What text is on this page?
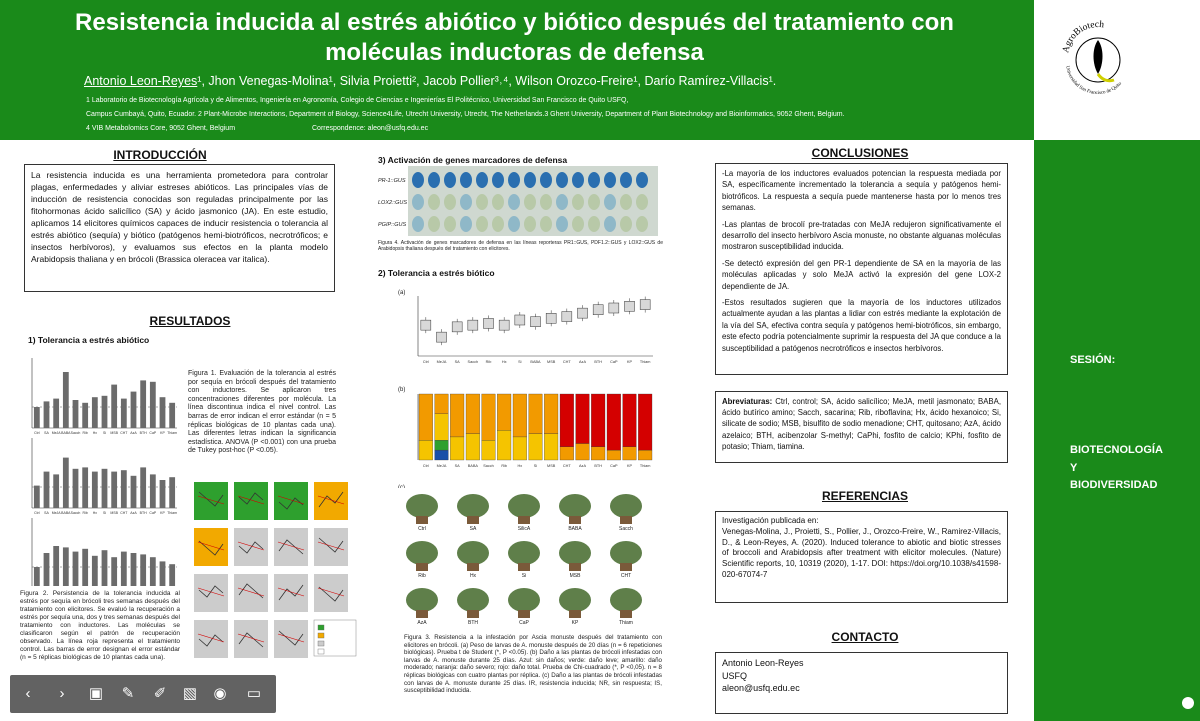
Resistencia inducida al estrés abiótico y biótico después del tratamiento con
moléculas inductoras de defensa
Antonio Leon-Reyes¹, Jhon Venegas-Molina¹, Silvia Proietti², Jacob Pollier³˒⁴, Wilson Orozco-Freire¹, Darío Ramírez-Villacis¹.
1 Laboratorio de Biotecnología Agrícola y de Alimentos, Ingeniería en Agronomía, Colegio de Ciencias e Ingenierías El Politécnico, Universidad San Francisco de Quito USFQ,
Campus Cumbayá, Quito, Ecuador. 2 Plant-Microbe Interactions, Department of Biology, Science4Life, Utrecht University, Utrecht, The Netherlands.3 Ghent University, Department of Plant Biotechnology and Bioinformatics, 9052 Ghent, Belgium.
4 VIB Metabolomics Core, 9052 Ghent, Belgium	Correspondence: aleon@usfq.edu.ec
AgroBiotech
Universidad San Francisco de Quito
SESIÓN:
BIOTECNOLOGÍA
Y
BIODIVERSIDAD
INTRODUCCIÓN
La resistencia inducida es una herramienta prometedora para controlar plagas, enfermedades y aliviar estreses abióticos. Las principales vías de inducción de resistencia conocidas son reguladas principalmente por las fitohormonas ácido salicílico (SA) y ácido jasmonico (JA). En este estudio, aplicamos 14 elicitores químicos capaces de inducir resistencia o tolerancia al estrés abiótico (sequía) y biótico (patógenos hemi-biotróficos, necrotróficos; e insectos herbívoros), y evaluamos sus efectos en la planta modelo Arabidopsis thaliana y en brócoli (Brassica oleracea var italica).
RESULTADOS
1) Tolerancia a estrés abiótico
Ctrl SA MeJA BABA Sacch Rib Hx Si MSB CHT AzA BTH CaP KP Thiam
Ctrl SA MeJA BABA Sacch Rib Hx Si MSB CHT AzA BTH CaP KP Thiam
Figura 1. Evaluación de la tolerancia al estrés por sequía en brócoli después del tratamiento con inductores. Se aplicaron tres concentraciones diferentes por molécula. La línea discontinua indica el nivel control. Las barras de error indican el error estándar (n = 5 réplicas biológicas de 10 plantas cada una). Las diferentes letras indican la significancia estadística. ANOVA (P <0.001) con una prueba de Tukey post-hoc (P <0.05).
Figura 2. Persistencia de la tolerancia inducida al estrés por sequía en brócoli tres semanas después del tratamiento con elicitores. Se evaluó la recuperación a estrés por sequía una, dos y tres semanas después del tratamiento con inductores. Las moléculas se clasificaron según el patrón de recuperación observado. La línea roja representa el tratamiento control. Las barras de error designan el error estándar (n = 5 réplicas biológicas de 10 plantas cada una).
3) Activación de genes marcadores de defensa
PR-1::GUS
LOX2::GUS
PGIP::GUS
Figura 4. Activación de genes marcadores de defensa en las líneas reporteras PR1::GUS, PDF1.2::GUS y LOX2::GUS de Arabidopsis thaliana después del tratamiento con elicitores.
2) Tolerancia a estrés biótico
(a)
Ctrl MeJA SA Sacch Rib	Hx	Si BABA MSB CHT AzA BTH CaP KP Thiam
(b)
Ctrl MeJA SA BABA Sacch Rib	Hx	Si	MSB CHT AzA BTH CaP KP Thiam
Ctrl	SA	SilicA	BABA	Sacch
Rib	Hx	Si	MSB	CHT
AzA	BTH	CaP	KP	Thiam
Figura 3. Resistencia a la infestación por Ascia monuste después del tratamiento con elicitores en brócoli. (a) Peso de larvas de A. monuste después de 20 días (n = 6 repeticiones biológicas). Prueba t de Student (*, P <0.05). (b) Daño a las plantas de brócoli infestadas con larvas de A. monuste durante 25 días. Azul: sin daños; verde: daño leve; amarillo: daño moderado; naranja: daño severo; rojo: daño total. Prueba de Chi-cuadrado (*, P <0,05). n = 8 réplicas biológicas con cuatro plantas por réplica. (c) Daño a las plantas de brócoli infestadas con larvas de A. monuste durante 25 días. IR, resistencia inducida; NR, sin respuesta; IS, susceptibilidad inducida.
CONCLUSIONES

-La mayoría de los inductores evaluados potencian la respuesta mediada por SA, específicamente incrementado la tolerancia a sequía y patógenos hemi-biotróficos. La respuesta a sequía puede mantenerse hasta por lo menos tres semanas.

-Las plantas de brocolí pre-tratadas con MeJA redujeron significativamente el desarrollo del insecto herbívoro Ascia monuste, no obstante alguanas moléculas mostraron susceptibilidad inducida.

-Se detectó expresión del gen PR-1 dependiente de SA en la mayoría de las moléculas aplicadas y solo MeJA activó la expresión del gene LOX-2 dependiente de JA.

-Estos resultados sugieren que la mayoría de los inductores utilizados actualmente ayudan a las plantas a lidiar con estrés mediante la explotación de la vía del SA, efectiva contra sequía y patógenos hemi-biotróficos, sin embargo, este efecto podría potencialmente suprimir la respuesta del JA que conduce a la susceptibilidad a patógenos necrotróficos e insectos herbívoros.

Abreviaturas: Ctrl, control; SA, ácido salicílico; MeJA, metil jasmonato; BABA, ácido butírico amino; Sacch, sacarina; Rib, riboflavina; Hx, ácido hexanoico; Si, silicate de sodio; MSB, bisulfito de sodio menadione; CHT, quitosano; AzA, ácido azelaico; BTH, acibenzolar S-methyl; CaPhi, fosfito de calcio; KPhi, fosfito de potasio; Thiam, tiamina.
REFERENCIAS
Investigación publicada en:
Venegas-Molina, J., Proietti, S., Pollier, J., Orozco-Freire, W., Ramirez-Villacis, D., & Leon-Reyes, A. (2020). Induced tolerance to abiotic and biotic stresses of broccoli and Arabidopsis after treatment with elicitor molecules. (Nature) Scientific reports, 10, 10319 (2020), 1-17. DOI: https://doi.org/10.1038/s41598-020-67074-7
CONTACTO
Antonio Leon-Reyes
USFQ
aleon@usfq.edu.ec
‹	›	▣ ✎ ✐ ▧ ◉ ▭
